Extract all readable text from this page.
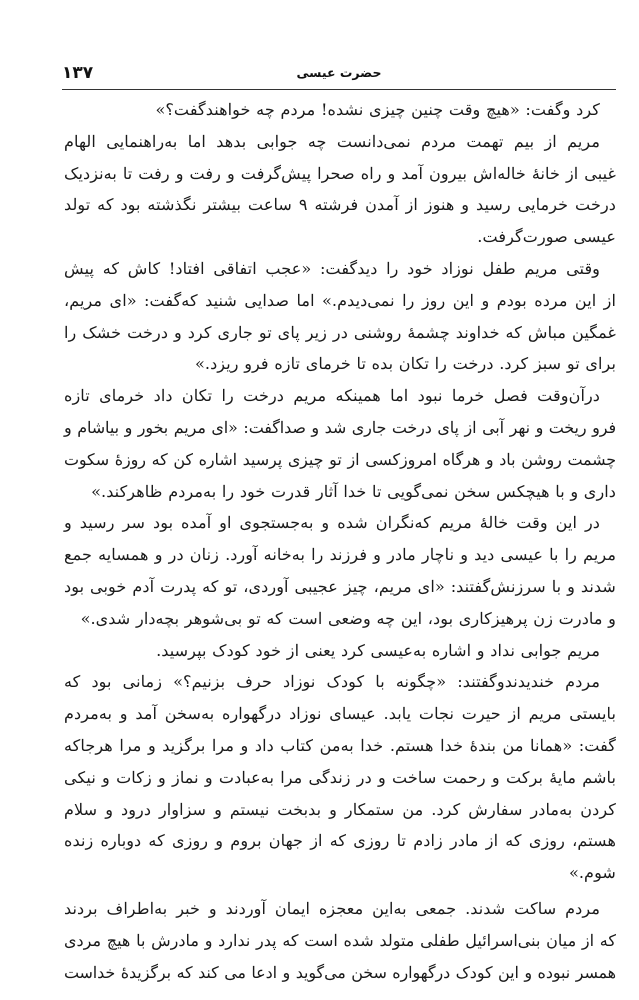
۱۳۷	حضرت عیسی
کرد وگفت: «هیچ وقت چنین چیزی نشده! مردم چه خواهندگفت؟»
مریم از بیم تهمت مردم نمی‌دانست چه جوابی بدهد اما به‌راهنمایی الهام
غیبی از خانهٔ خاله‌اش بیرون آمد و راه صحرا پیش‌گرفت و رفت و رفت تا به‌نزدیک
درخت خرمایی رسید و هنوز از آمدن فرشته ۹ ساعت بیشتر نگذشته بود که تولد
عیسی صورت‌گرفت.
وقتی مریم طفل نوزاد خود را دیدگفت: «عجب اتفاقی افتاد! کاش که پیش
از این مرده بودم و این روز را نمی‌دیدم.» اما صدایی شنید که‌گفت: «ای مریم،
غمگین مباش که خداوند چشمهٔ روشنی در زیر پای تو جاری کرد و درخت خشک را
برای تو سبز کرد. درخت را تکان بده تا خرمای تازه فرو ریزد.»
درآن‌وقت فصل خرما نبود اما همینکه مریم درخت را تکان داد خرمای تازه
فرو ریخت و نهر آبی از پای درخت جاری شد و صداگفت: «ای مریم بخور و بیاشام و
چشمت روشن باد و هرگاه امروزکسی از تو چیزی پرسید اشاره کن که روزهٔ سکوت
داری و با هیچکس سخن نمی‌گویی تا خدا آثار قدرت خود را به‌مردم ظاهرکند.»
در این وقت خالهٔ مریم که‌نگران شده و به‌جستجوی او آمده بود سر رسید و
مریم را با عیسی دید و ناچار مادر و فرزند را به‌خانه آورد. زنان در و همسایه جمع
شدند و با سرزنش‌گفتند: «ای مریم، چیز عجیبی آوردی، تو که پدرت آدم خوبی بود
و مادرت زن پرهیزکاری بود، این چه وضعی است که تو بی‌شوهر بچه‌دار شدی.»
مریم جوابی نداد و اشاره به‌عیسی کرد یعنی از خود کودک بپرسید.
مردم خندیدندوگفتند: «چگونه با کودک نوزاد حرف بزنیم؟» زمانی بود که
بایستی مریم از حیرت نجات یابد. عیسای نوزاد درگهواره به‌سخن آمد و به‌مردم
گفت: «همانا من بندهٔ خدا هستم. خدا به‌من کتاب داد و مرا برگزید و مرا هرجاکه
باشم مایهٔ برکت و رحمت ساخت و در زندگی مرا به‌عبادت و نماز و زکات و نیکی
کردن به‌مادر سفارش کرد. من ستمکار و بدبخت نیستم و سزاوار درود و سلام
هستم، روزی که از مادر زادم تا روزی که از جهان بروم و روزی که دوباره زنده
شوم.»
مردم ساکت شدند. جمعی به‌این معجزه ایمان آوردند و خبر به‌اطراف بردند
که از میان بنی‌اسرائیل طفلی متولد شده است که پدر ندارد و مادرش با هیچ مردی
همسر نبوده و این کودک درگهواره سخن می‌گوید و ادعا می کند که برگزیدهٔ خداست
